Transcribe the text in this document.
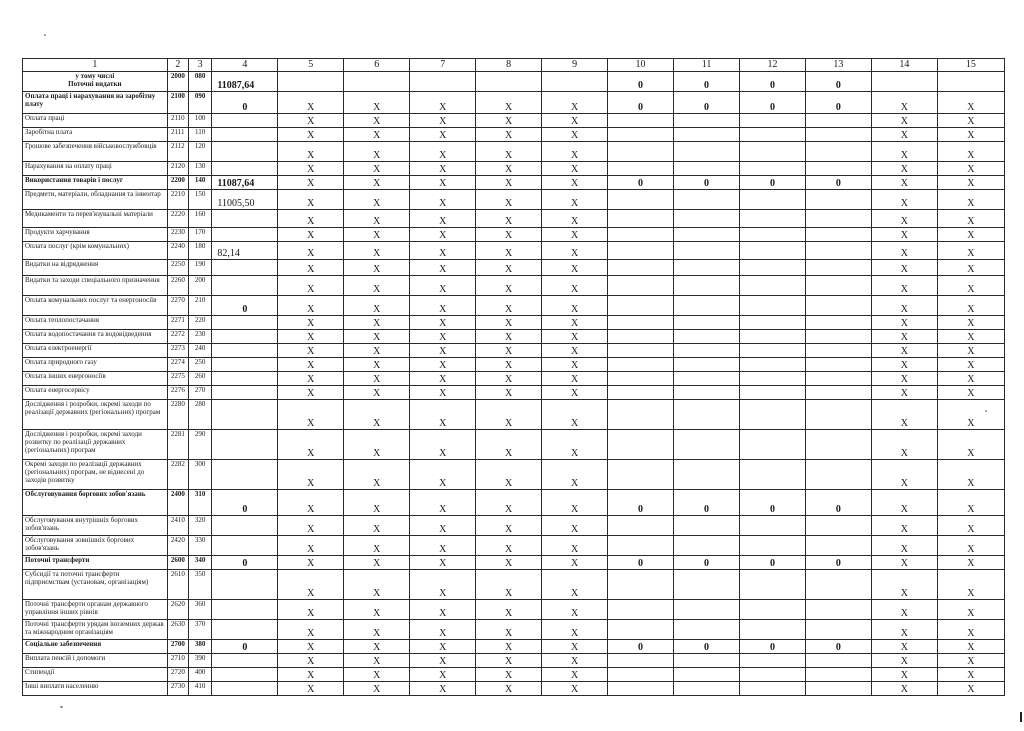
1	2	3	4	5	6	7	8	9	10	11	12	13	14	15
у тому числі
Поточні видатки	2000	080	11087,64						0	0	0	0		
Оплата праці і нарахування на заробітну плату	2100	090	0	Х	Х	Х	Х	Х	0	0	0	0	Х	Х
Оплата праці	2110	100		Х	Х	Х	Х	Х					Х	Х
Заробітна плата	2111	110		Х	Х	Х	Х	Х					Х	Х
Грошове забезпечення військовослужбовців	2112	120		Х	Х	Х	Х	Х					Х	Х
Нарахування на оплату праці	2120	130		Х	Х	Х	Х	Х					Х	Х
Використання товарів і послуг	2200	140	11087,64	Х	Х	Х	Х	Х	0	0	0	0	Х	Х
Предмети, матеріали, обладнання та інвентар	2210	150	11005,50	Х	Х	Х	Х	Х					Х	Х
Медикаменти та перев'язувальні матеріали	2220	160		Х	Х	Х	Х	Х					Х	Х
Продукти харчування	2230	170		Х	Х	Х	Х	Х					Х	Х
Оплата послуг (крім комунальних)	2240	180	82,14	Х	Х	Х	Х	Х					Х	Х
Видатки на відрядження	2250	190		Х	Х	Х	Х	Х					Х	Х
Видатки та заходи спеціального призначення	2260	200		Х	Х	Х	Х	Х					Х	Х
Оплата комунальних послуг та енергоносіїв	2270	210	0	Х	Х	Х	Х	Х					Х	Х
Оплата теплопостачання	2271	220		Х	Х	Х	Х	Х					Х	Х
Оплата водопостачання та водовідведення	2272	230		Х	Х	Х	Х	Х					Х	Х
Оплата електроенергії	2273	240		Х	Х	Х	Х	Х					Х	Х
Оплата природного газу	2274	250		Х	Х	Х	Х	Х					Х	Х
Оплата інших енергоносіїв	2275	260		Х	Х	Х	Х	Х					Х	Х
Оплата енергосервісу	2276	270		Х	Х	Х	Х	Х					Х	Х
Дослідження і розробки, окремі заходи по реалізації державних (регіональних) програм	2280	280		Х	Х	Х	Х	Х					Х	Х
Дослідження і розробки, окремі заходи розвитку по реалізації державних (регіональних) програм	2281	290		Х	Х	Х	Х	Х					Х	Х
Окремі заходи по реалізації державних (регіональних) програм, не віднесені до заходів розвитку	2282	300		Х	Х	Х	Х	Х					Х	Х
Обслуговування боргових зобов'язань	2400	310	0	Х	Х	Х	Х	Х	0	0	0	0	Х	Х
Обслуговування внутрішніх боргових зобов'язань	2410	320		Х	Х	Х	Х	Х					Х	Х
Обслуговування зовнішніх боргових зобов'язань	2420	330		Х	Х	Х	Х	Х					Х	Х
Поточні трансферти	2600	340	0	Х	Х	Х	Х	Х	0	0	0	0	Х	Х
Субсидії та поточні трансферти підприємствам (установам, організаціям)	2610	350		Х	Х	Х	Х	Х					Х	Х
Поточні трансферти органам державного управління інших рівнів	2620	360		Х	Х	Х	Х	Х					Х	Х
Поточні трансферти урядам іноземних держав та міжнародним організаціям	2630	370		Х	Х	Х	Х	Х					Х	Х
Соціальне забезпечення	2700	380	0	Х	Х	Х	Х	Х	0	0	0	0	Х	Х
Виплата пенсій і допомоги	2710	390		Х	Х	Х	Х	Х					Х	Х
Стипендії	2720	400		Х	Х	Х	Х	Х					Х	Х
Інші виплати населенню	2730	410		Х	Х	Х	Х	Х					Х	Х
